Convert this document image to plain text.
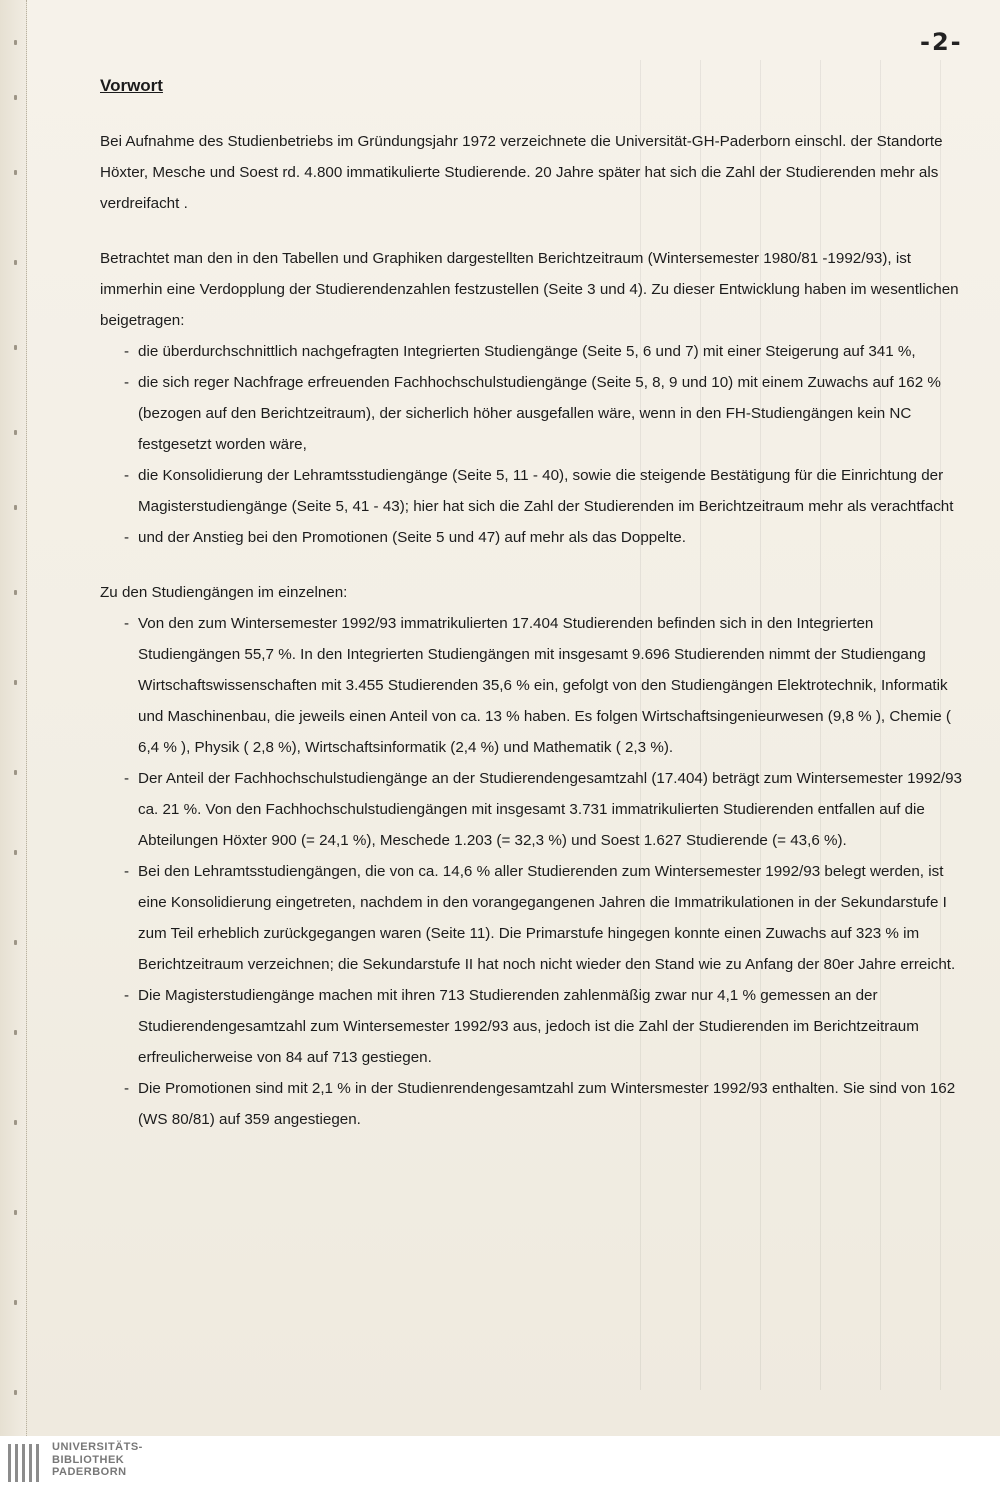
-2-
Vorwort

Bei Aufnahme des Studienbetriebs im Gründungsjahr 1972 verzeichnete die Universität-GH-Paderborn einschl. der Standorte Höxter, Mesche und Soest rd. 4.800 immatikulierte Studierende. 20 Jahre später hat sich die Zahl der Studierenden mehr als verdreifacht .

Betrachtet man den in den Tabellen und Graphiken dargestellten Berichtzeitraum (Wintersemester 1980/81 -1992/93), ist immerhin eine Verdopplung der Studierendenzahlen festzustellen (Seite 3 und 4). Zu dieser Entwicklung haben im wesentlichen beigetragen:

- die überdurchschnittlich nachgefragten Integrierten Studiengänge (Seite 5, 6 und 7) mit einer Steigerung auf 341 %,
- die sich reger Nachfrage erfreuenden Fachhochschulstudiengänge (Seite 5, 8, 9 und 10) mit einem Zuwachs auf 162 % (bezogen auf den Berichtzeitraum), der sicherlich höher ausgefallen wäre, wenn in den FH-Studiengängen kein NC festgesetzt worden wäre,
- die Konsolidierung der Lehramtsstudiengänge (Seite 5, 11 - 40), sowie die steigende Bestätigung für die Einrichtung der Magisterstudiengänge (Seite 5, 41 - 43); hier hat sich die Zahl der Studierenden im Berichtzeitraum mehr als verachtfacht
- und der Anstieg bei den Promotionen (Seite 5 und 47) auf mehr als das Doppelte.

Zu den Studiengängen im einzelnen:

- Von den zum Wintersemester 1992/93 immatrikulierten 17.404 Studierenden befinden sich in den Integrierten Studiengängen 55,7 %. In den Integrierten Studiengängen mit insgesamt 9.696 Studierenden nimmt der Studiengang Wirtschaftswissenschaften mit 3.455 Studierenden 35,6 % ein, gefolgt von den Studiengängen Elektrotechnik, Informatik und Maschinenbau, die jeweils einen Anteil von ca. 13 % haben. Es folgen Wirtschaftsingenieurwesen (9,8 % ), Chemie ( 6,4 % ), Physik ( 2,8 %), Wirtschaftsinformatik (2,4 %) und Mathematik ( 2,3 %).
- Der Anteil der Fachhochschulstudiengänge an der Studierendengesamtzahl (17.404) beträgt zum Wintersemester 1992/93 ca. 21 %. Von den Fachhochschulstudiengängen mit insgesamt 3.731 immatrikulierten Studierenden entfallen auf die Abteilungen Höxter 900 (= 24,1 %), Meschede 1.203 (= 32,3 %) und Soest 1.627 Studierende (= 43,6 %).
- Bei den Lehramtsstudiengängen, die von ca. 14,6 % aller Studierenden zum Wintersemester 1992/93 belegt werden, ist eine Konsolidierung eingetreten, nachdem in den vorangegangenen Jahren die Immatrikulationen in der Sekundarstufe I zum Teil erheblich zurückgegangen waren (Seite 11). Die Primarstufe hingegen konnte einen Zuwachs auf 323 % im Berichtzeitraum verzeichnen; die Sekundarstufe II hat noch nicht wieder den Stand wie zu Anfang der 80er Jahre erreicht.
- Die Magisterstudiengänge machen mit ihren 713 Studierenden zahlenmäßig zwar nur 4,1 % gemessen an der Studierendengesamtzahl zum Wintersemester 1992/93 aus, jedoch ist die Zahl der Studierenden im Berichtzeitraum erfreulicherweise von 84 auf 713 gestiegen.
- Die Promotionen sind mit 2,1 % in der Studienrendengesamtzahl zum Wintersmester 1992/93 enthalten. Sie sind von 162 (WS 80/81) auf 359 angestiegen.
UNIVERSITÄTS-
BIBLIOTHEK
PADERBORN
